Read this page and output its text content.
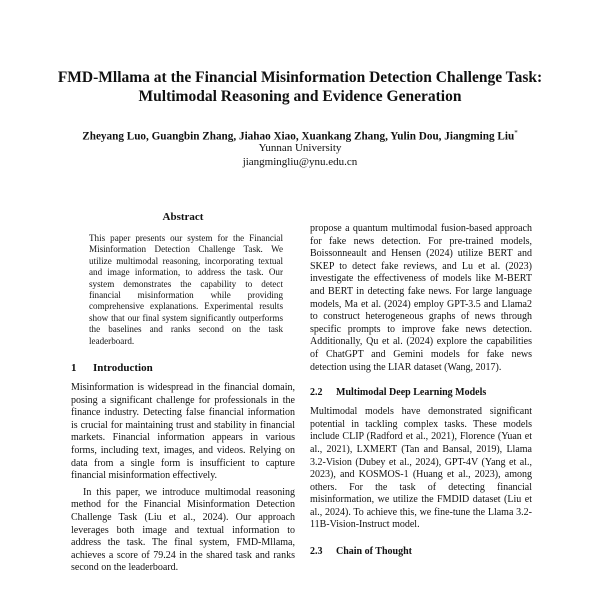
FMD-Mllama at the Financial Misinformation Detection Challenge Task:
Multimodal Reasoning and Evidence Generation
Zheyang Luo, Guangbin Zhang, Jiahao Xiao, Xuankang Zhang, Yulin Dou, Jiangming Liu*
Yunnan University
jiangmingliu@ynu.edu.cn
Abstract

This paper presents our system for the Financial Misinformation Detection Challenge Task. We utilize multimodal reasoning, incorporating textual and image information, to address the task. Our system demonstrates the capability to detect financial misinformation while providing comprehensive explanations. Experimental results show that our final system significantly outperforms the baselines and ranks second on the task leaderboard.

1	Introduction

Misinformation is widespread in the financial domain, posing a significant challenge for professionals in the finance industry. Detecting false financial information is crucial for maintaining trust and stability in financial markets. Financial information appears in various forms, including text, images, and videos. Relying on data from a single form is insufficient to capture financial misinformation effectively.

In this paper, we introduce multimodal reasoning method for the Financial Misinformation Detection Challenge Task (Liu et al., 2024). Our approach leverages both image and textual information to address the task. The final system, FMD-Mllama, achieves a score of 79.24 in the shared task and ranks second on the leaderboard.

propose a quantum multimodal fusion-based approach for fake news detection. For pre-trained models, Boissonneault and Hensen (2024) utilize BERT and SKEP to detect fake reviews, and Lu et al. (2023) investigate the effectiveness of models like M-BERT and BERT in detecting fake news. For large language models, Ma et al. (2024) employ GPT-3.5 and Llama2 to construct heterogeneous graphs of news through specific prompts to improve fake news detection. Additionally, Qu et al. (2024) explore the capabilities of ChatGPT and Gemini models for fake news detection using the LIAR dataset (Wang, 2017).

2.2	Multimodal Deep Learning Models

Multimodal models have demonstrated significant potential in tackling complex tasks. These models include CLIP (Radford et al., 2021), Florence (Yuan et al., 2021), LXMERT (Tan and Bansal, 2019), Llama 3.2-Vision (Dubey et al., 2024), GPT-4V (Yang et al., 2023), and KOSMOS-1 (Huang et al., 2023), among others. For the task of detecting financial misinformation, we utilize the FMDID dataset (Liu et al., 2024). To achieve this, we fine-tune the Llama 3.2-11B-Vision-Instruct model.

2.3	Chain of Thought
